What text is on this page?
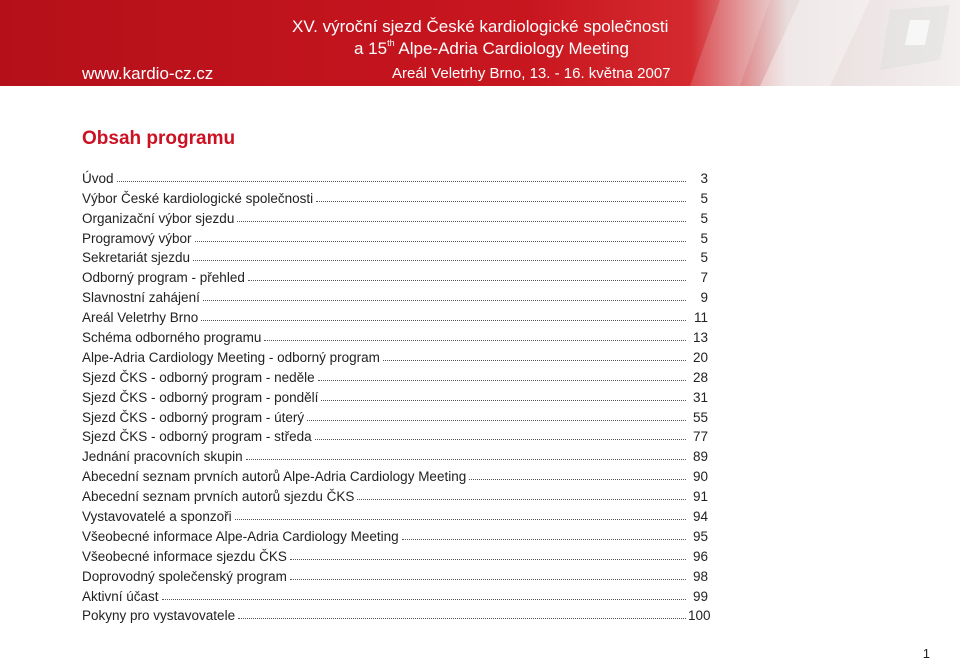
www.kardio-cz.cz
XV. výroční sjezd České kardiologické společnosti
a 15th Alpe-Adria Cardiology Meeting
Areál Veletrhy Brno, 13. - 16. května 2007
Obsah programu
Úvod	3
Výbor České kardiologické společnosti	5
Organizační výbor sjezdu	5
Programový výbor	5
Sekretariát sjezdu	5
Odborný program - přehled	7
Slavnostní zahájení	9
Areál Veletrhy Brno	11
Schéma odborného programu	13
Alpe-Adria Cardiology Meeting - odborný program	20
Sjezd ČKS - odborný program - neděle	28
Sjezd ČKS - odborný program - pondělí	31
Sjezd ČKS - odborný program - úterý	55
Sjezd ČKS - odborný program - středa	77
Jednání pracovních skupin	89
Abecední seznam prvních autorů Alpe-Adria Cardiology Meeting	90
Abecední seznam prvních autorů sjezdu ČKS	91
Vystavovatelé a sponzoři	94
Všeobecné informace Alpe-Adria Cardiology Meeting	95
Všeobecné informace sjezdu ČKS	96
Doprovodný společenský program	98
Aktivní účast	99
Pokyny pro vystavovatele	100
1
